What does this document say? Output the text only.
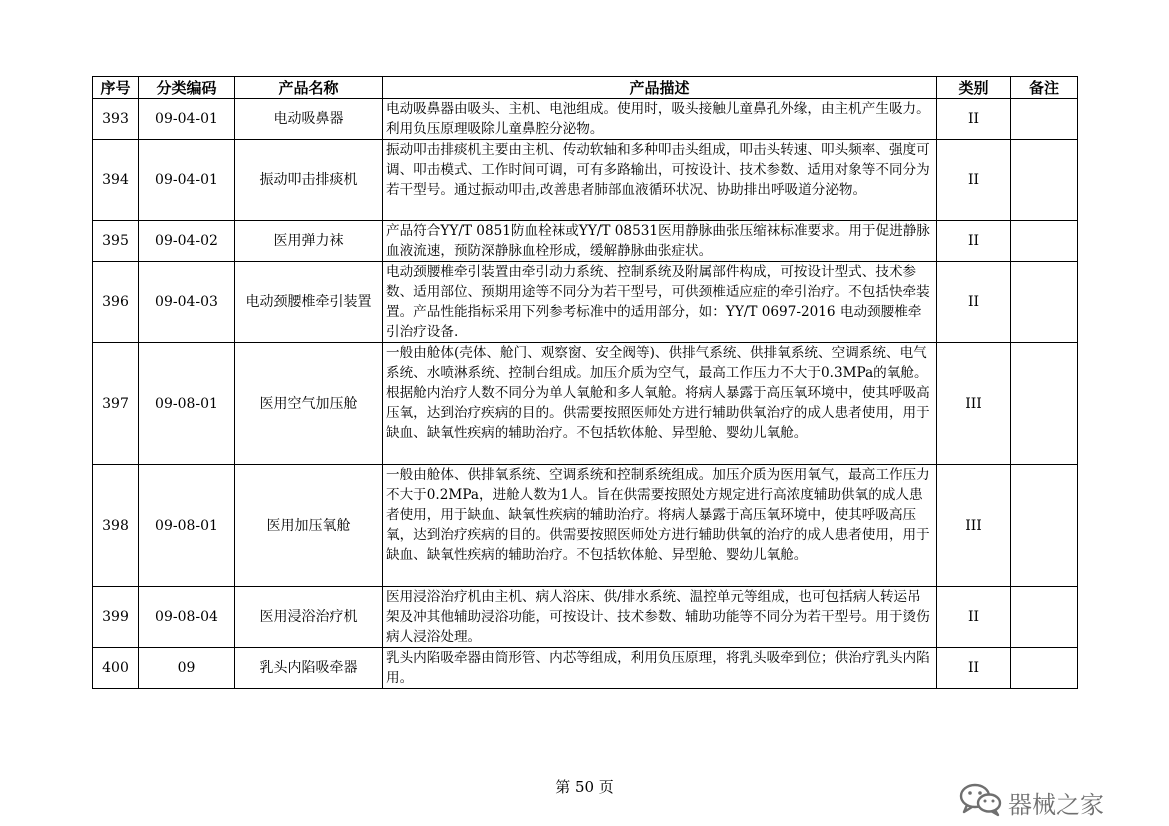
序号	分类编码	产品名称	产品描述	类别	备注
393	09-04-01	电动吸鼻器	电动吸鼻器由吸头、主机、电池组成。使用时，吸头接触儿童鼻孔外缘，由主机产生吸力。利用负压原理吸除儿童鼻腔分泌物。	II	
394	09-04-01	振动叩击排痰机	振动叩击排痰机主要由主机、传动软轴和多种叩击头组成，叩击头转速、叩头频率、强度可调、叩击模式、工作时间可调，可有多路输出，可按设计、技术参数、适用对象等不同分为若干型号。通过振动叩击,改善患者肺部血液循环状况、协助排出呼吸道分泌物。	II	
395	09-04-02	医用弹力袜	产品符合YY/T 0851防血栓袜或YY/T 08531医用静脉曲张压缩袜标准要求。用于促进静脉血液流速，预防深静脉血栓形成，缓解静脉曲张症状。	II	
396	09-04-03	电动颈腰椎牵引装置	电动颈腰椎牵引装置由牵引动力系统、控制系统及附属部件构成，可按设计型式、技术参数、适用部位、预期用途等不同分为若干型号，可供颈椎适应症的牵引治疗。不包括快牵装置。产品性能指标采用下列参考标准中的适用部分，如：YY/T 0697-2016 电动颈腰椎牵引治疗设备.	II	
397	09-08-01	医用空气加压舱	一般由舱体(壳体、舱门、观察窗、安全阀等)、供排气系统、供排氧系统、空调系统、电气系统、水喷淋系统、控制台组成。加压介质为空气，最高工作压力不大于0.3MPa的氧舱。根据舱内治疗人数不同分为单人氧舱和多人氧舱。将病人暴露于高压氧环境中，使其呼吸高压氧，达到治疗疾病的目的。供需要按照医师处方进行辅助供氧治疗的成人患者使用，用于缺血、缺氧性疾病的辅助治疗。不包括软体舱、异型舱、婴幼儿氧舱。	III	
398	09-08-01	医用加压氧舱	一般由舱体、供排氧系统、空调系统和控制系统组成。加压介质为医用氧气，最高工作压力不大于0.2MPa，进舱人数为1人。旨在供需要按照处方规定进行高浓度辅助供氧的成人患者使用，用于缺血、缺氧性疾病的辅助治疗。将病人暴露于高压氧环境中，使其呼吸高压氧，达到治疗疾病的目的。供需要按照医师处方进行辅助供氧的治疗的成人患者使用，用于缺血、缺氧性疾病的辅助治疗。不包括软体舱、异型舱、婴幼儿氧舱。	III	
399	09-08-04	医用浸浴治疗机	医用浸浴治疗机由主机、病人浴床、供/排水系统、温控单元等组成，也可包括病人转运吊架及冲其他辅助浸浴功能，可按设计、技术参数、辅助功能等不同分为若干型号。用于烫伤病人浸浴处理。	II	
400	09	乳头内陷吸牵器	乳头内陷吸牵器由筒形管、内芯等组成，利用负压原理，将乳头吸牵到位；供治疗乳头内陷用。	II	
第 50 页
器械之家
